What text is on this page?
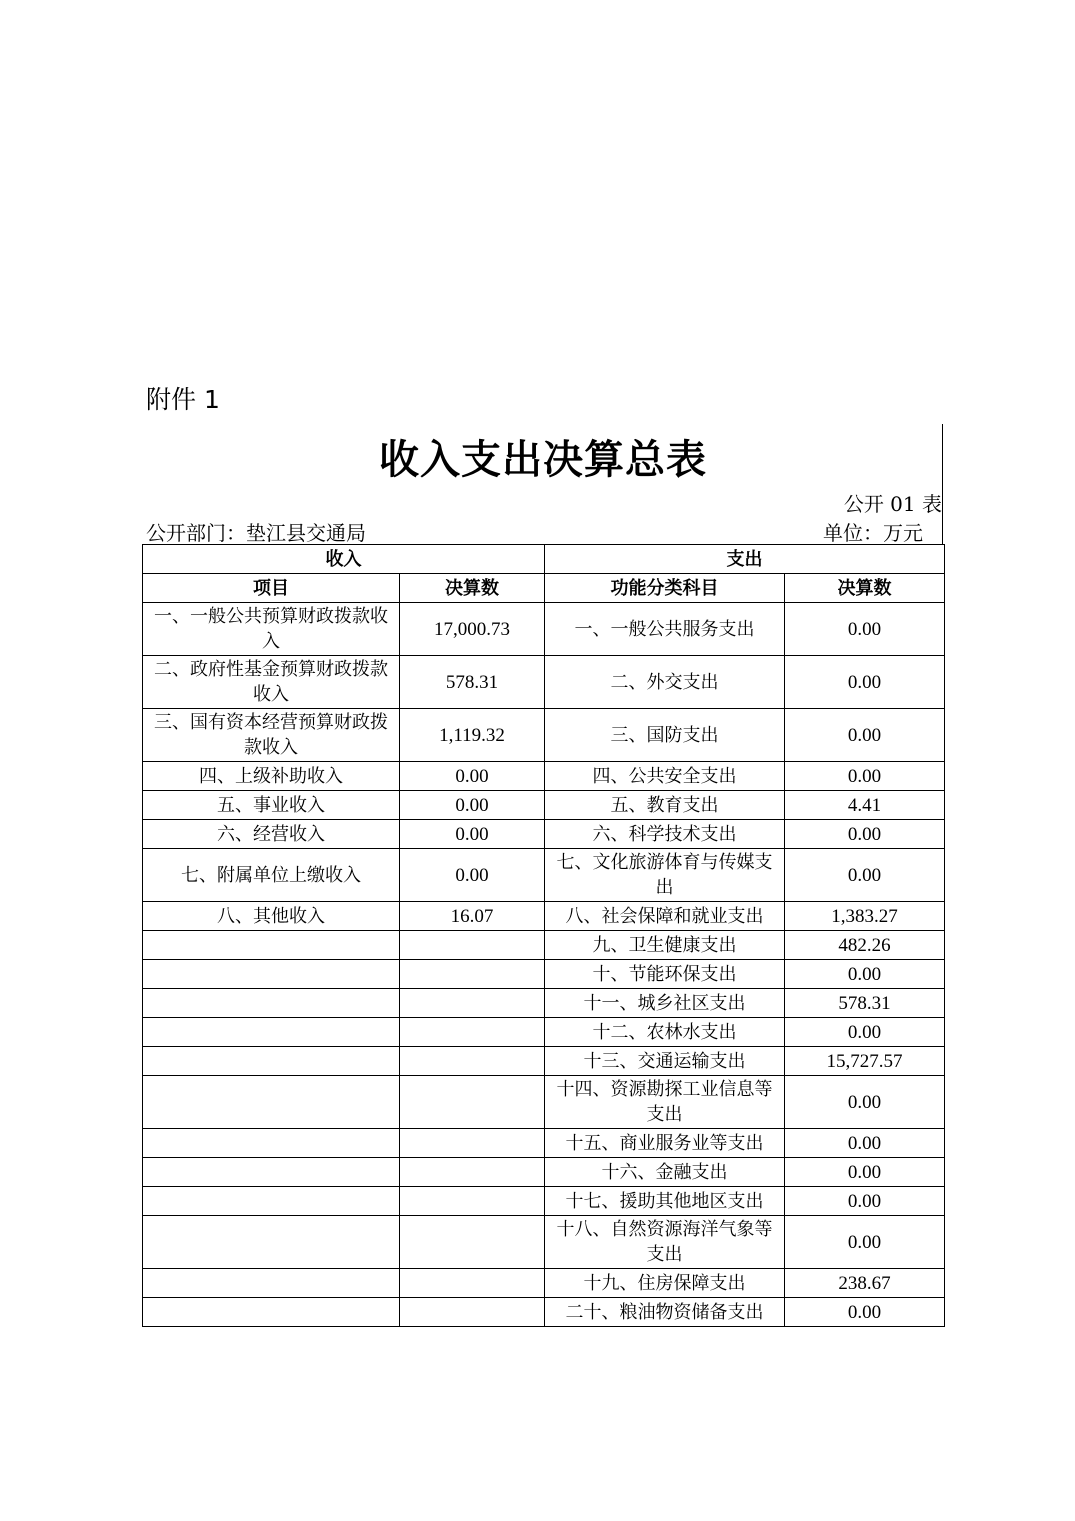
附件 1
收入支出决算总表
公开 01 表
公开部门：垫江县交通局	单位：万元
收入		支出	
项目	决算数	功能分类科目	决算数
一、一般公共预算财政拨款收入	17,000.73	一、一般公共服务支出	0.00
二、政府性基金预算财政拨款收入	578.31	二、外交支出	0.00
三、国有资本经营预算财政拨款收入	1,119.32	三、国防支出	0.00
四、上级补助收入	0.00	四、公共安全支出	0.00
五、事业收入	0.00	五、教育支出	4.41
六、经营收入	0.00	六、科学技术支出	0.00
七、附属单位上缴收入	0.00	七、文化旅游体育与传媒支出	0.00
八、其他收入	16.07	八、社会保障和就业支出	1,383.27
		九、卫生健康支出	482.26
		十、节能环保支出	0.00
		十一、城乡社区支出	578.31
		十二、农林水支出	0.00
		十三、交通运输支出	15,727.57
		十四、资源勘探工业信息等支出	0.00
		十五、商业服务业等支出	0.00
		十六、金融支出	0.00
		十七、援助其他地区支出	0.00
		十八、自然资源海洋气象等支出	0.00
		十九、住房保障支出	238.67
		二十、粮油物资储备支出	0.00
